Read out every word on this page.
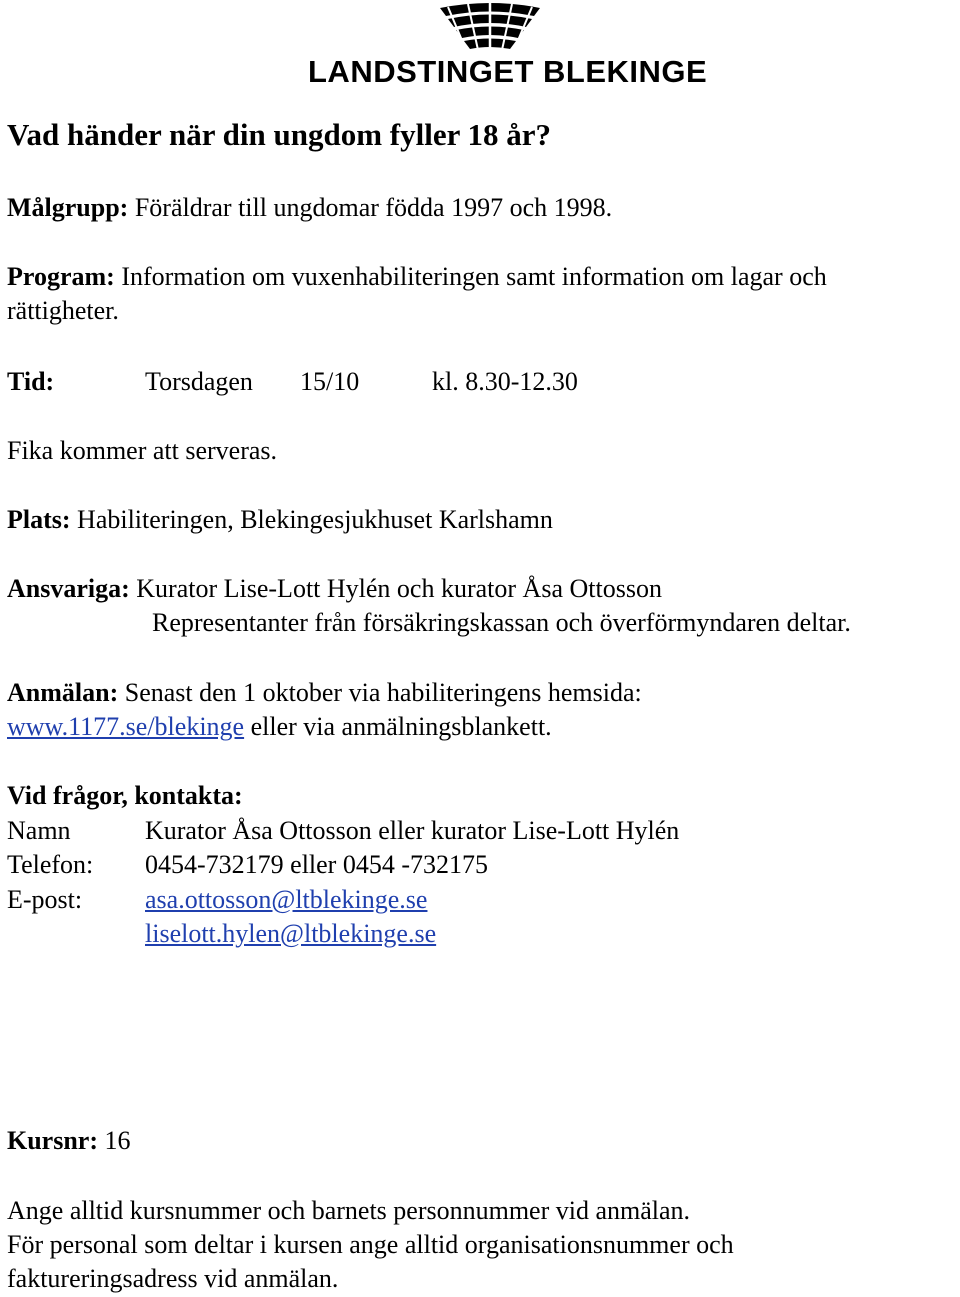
LANDSTINGET BLEKINGE
Vad händer när din ungdom fyller 18 år?
Målgrupp: Föräldrar till ungdomar födda 1997 och 1998.
Program: Information om vuxenhabiliteringen samt information om lagar och
rättigheter.
Tid:	Torsdagen 15/10	kl. 8.30-12.30
Fika kommer att serveras.
Plats: Habiliteringen, Blekingesjukhuset Karlshamn
Ansvariga: Kurator Lise-Lott Hylén och kurator Åsa Ottosson
Representanter från försäkringskassan och överförmyndaren deltar.
Anmälan: Senast den 1 oktober via habiliteringens hemsida:
www.1177.se/blekinge eller via anmälningsblankett.
Vid frågor, kontakta:
Namn	Kurator Åsa Ottosson eller kurator Lise-Lott Hylén
Telefon: 0454-732179 eller 0454 -732175
E-post: asa.ottosson@ltblekinge.se
liselott.hylen@ltblekinge.se
Kursnr: 16
Ange alltid kursnummer och barnets personnummer vid anmälan.
För personal som deltar i kursen ange alltid organisationsnummer och
faktureringsadress vid anmälan.
